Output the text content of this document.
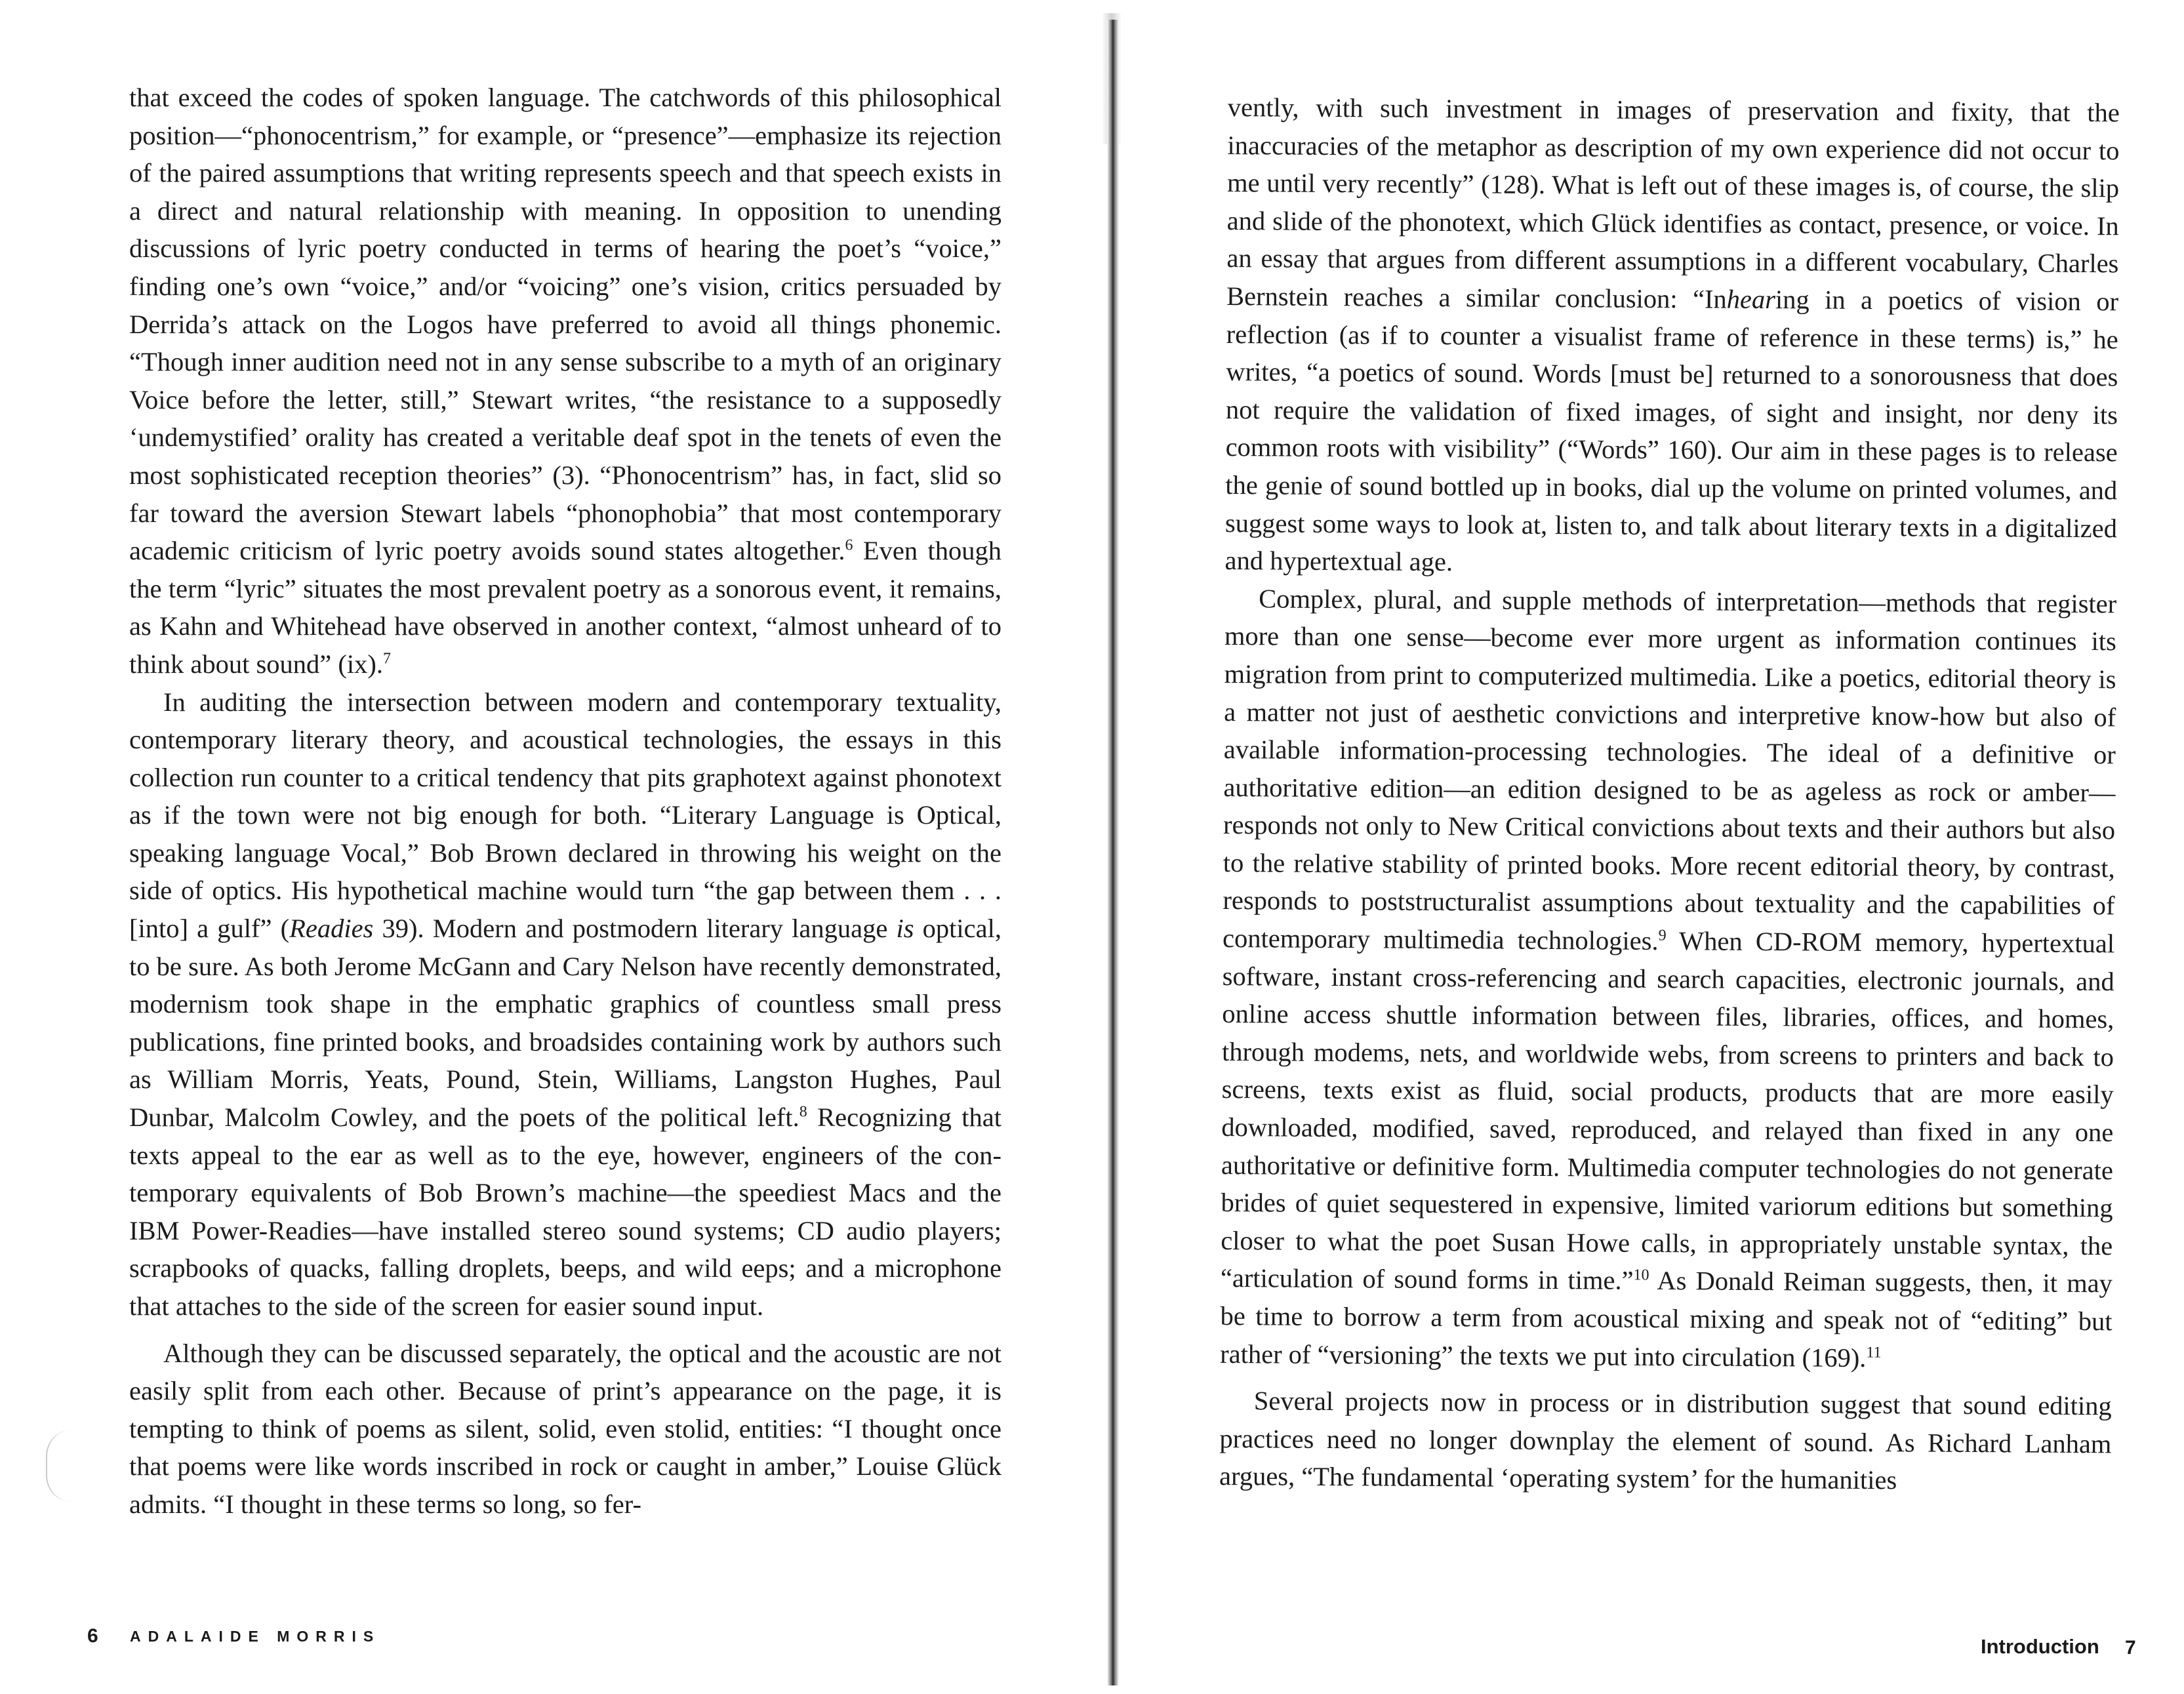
that exceed the codes of spoken language. The catchwords of this philosophical position—“phonocentrism,” for example, or “presence”—emphasize its rejection of the paired assumptions that writing represents speech and that speech exists in a direct and natural relationship with meaning. In opposition to unending discussions of lyric poetry conducted in terms of hearing the poet’s “voice,” finding one’s own “voice,” and/or “voicing” one’s vision, critics persuaded by Derrida’s attack on the Logos have preferred to avoid all things phonemic. “Though inner audition need not in any sense subscribe to a myth of an originary Voice before the letter, still,” Stewart writes, “the resistance to a supposedly ‘undemystified’ orality has created a veritable deaf spot in the tenets of even the most sophisticated reception theories” (3). “Phonocentrism” has, in fact, slid so far toward the aversion Stewart labels “phonophobia” that most contemporary academic criticism of lyric poetry avoids sound states altogether.$^6$ Even though the term “lyric” situates the most prevalent poetry as a sonorous event, it remains, as Kahn and Whitehead have observed in another context, “almost unheard of to think about sound” (ix).$^7$

In auditing the intersection between modern and contemporary textuality, contemporary literary theory, and acoustical technologies, the essays in this collection run counter to a critical tendency that pits graphotext against phonotext as if the town were not big enough for both. “Literary Language is Optical, speaking language Vocal,” Bob Brown declared in throwing his weight on the side of optics. His hypothetical machine would turn “the gap between them . . . [into] a gulf” (Readies 39). Modern and postmodern literary language is optical, to be sure. As both Jerome McGann and Cary Nelson have recently demonstrated, modernism took shape in the emphatic graphics of countless small press publications, fine printed books, and broadsides containing work by authors such as William Morris, Yeats, Pound, Stein, Williams, Langston Hughes, Paul Dunbar, Malcolm Cowley, and the poets of the political left.$^8$ Recognizing that texts appeal to the ear as well as to the eye, however, engineers of the contemporary equivalents of Bob Brown’s machine—the speediest Macs and the IBM Power-Readies—have installed stereo sound systems; CD audio players; scrapbooks of quacks, falling droplets, beeps, and wild eeps; and a microphone that attaches to the side of the screen for easier sound input.

Although they can be discussed separately, the optical and the acoustic are not easily split from each other. Because of print’s appearance on the page, it is tempting to think of poems as silent, solid, even stolid, entities: “I thought once that poems were like words inscribed in rock or caught in amber,” Louise Glück admits. “I thought in these terms so long, so fer-

6 ADALAIDE MORRIS

vently, with such investment in images of preservation and fixity, that the inaccuracies of the metaphor as description of my own experience did not occur to me until very recently” (128). What is left out of these images is, of course, the slip and slide of the phonotext, which Glück identifies as contact, presence, or voice. In an essay that argues from different assumptions in a different vocabulary, Charles Bernstein reaches a similar conclusion: “Inhearing in a poetics of vision or reflection (as if to counter a visualist frame of reference in these terms) is,” he writes, “a poetics of sound. Words [must be] returned to a sonorousness that does not require the validation of fixed images, of sight and insight, nor deny its common roots with visibility” (“Words” 160). Our aim in these pages is to release the genie of sound bottled up in books, dial up the volume on printed volumes, and suggest some ways to look at, listen to, and talk about literary texts in a digitalized and hypertextual age.

Complex, plural, and supple methods of interpretation—methods that register more than one sense—become ever more urgent as information continues its migration from print to computerized multimedia. Like a poetics, editorial theory is a matter not just of aesthetic convictions and interpretive know-how but also of available information-processing technologies. The ideal of a definitive or authoritative edition—an edition designed to be as ageless as rock or amber—responds not only to New Critical convictions about texts and their authors but also to the relative stability of printed books. More recent editorial theory, by contrast, responds to poststructuralist assumptions about textuality and the capabilities of contemporary multimedia technologies.$^9$ When CD-ROM memory, hypertextual software, instant cross-referencing and search capacities, electronic journals, and online access shuttle information between files, libraries, offices, and homes, through modems, nets, and worldwide webs, from screens to printers and back to screens, texts exist as fluid, social products, products that are more easily downloaded, modified, saved, reproduced, and relayed than fixed in any one authoritative or definitive form. Multimedia computer technologies do not generate brides of quiet sequestered in expensive, limited variorum editions but something closer to what the poet Susan Howe calls, in appropriately unstable syntax, the “articulation of sound forms in time.”$^{10}$ As Donald Reiman suggests, then, it may be time to borrow a term from acoustical mixing and speak not of “editing” but rather of “versioning” the texts we put into circulation (169).$^{11}$

Several projects now in process or in distribution suggest that sound editing practices need no longer downplay the element of sound. As Richard Lanham argues, “The fundamental ‘operating system’ for the humanities

Introduction 7
